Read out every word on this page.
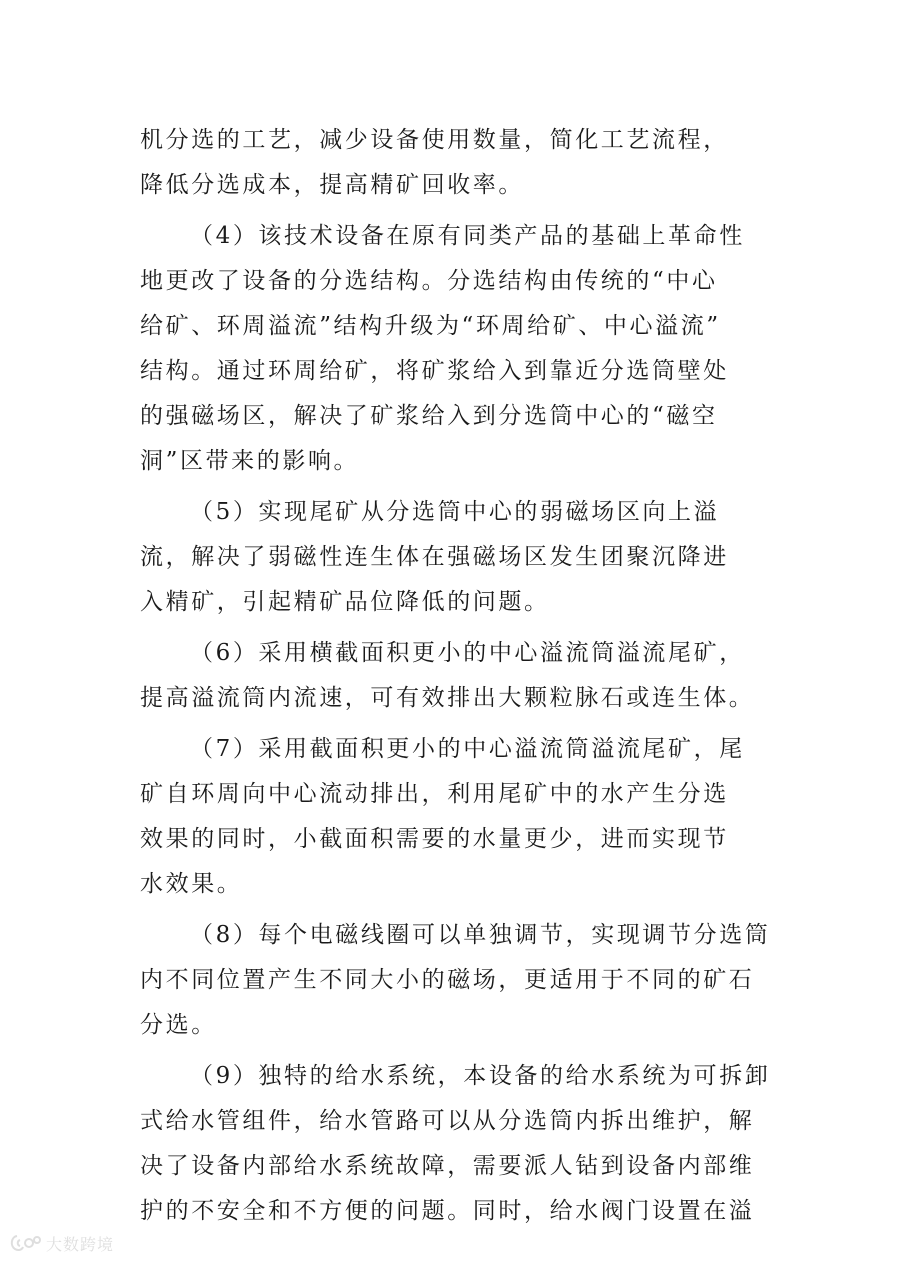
机分选的工艺，减少设备使用数量，简化工艺流程，
降低分选成本，提高精矿回收率。

（4）该技术设备在原有同类产品的基础上革命性
地更改了设备的分选结构。分选结构由传统的“中心
给矿、环周溢流”结构升级为“环周给矿、中心溢流”
结构。通过环周给矿，将矿浆给入到靠近分选筒壁处
的强磁场区，解决了矿浆给入到分选筒中心的“磁空
洞”区带来的影响。

（5）实现尾矿从分选筒中心的弱磁场区向上溢
流，解决了弱磁性连生体在强磁场区发生团聚沉降进
入精矿，引起精矿品位降低的问题。

（6）采用横截面积更小的中心溢流筒溢流尾矿，
提高溢流筒内流速，可有效排出大颗粒脉石或连生体。

（7）采用截面积更小的中心溢流筒溢流尾矿，尾
矿自环周向中心流动排出，利用尾矿中的水产生分选
效果的同时，小截面积需要的水量更少，进而实现节
水效果。

（8）每个电磁线圈可以单独调节，实现调节分选筒
内不同位置产生不同大小的磁场，更适用于不同的矿石
分选。

（9）独特的给水系统，本设备的给水系统为可拆卸
式给水管组件，给水管路可以从分选筒内拆出维护，解
决了设备内部给水系统故障，需要派人钻到设备内部维
护的不安全和不方便的问题。同时，给水阀门设置在溢

大数跨境
